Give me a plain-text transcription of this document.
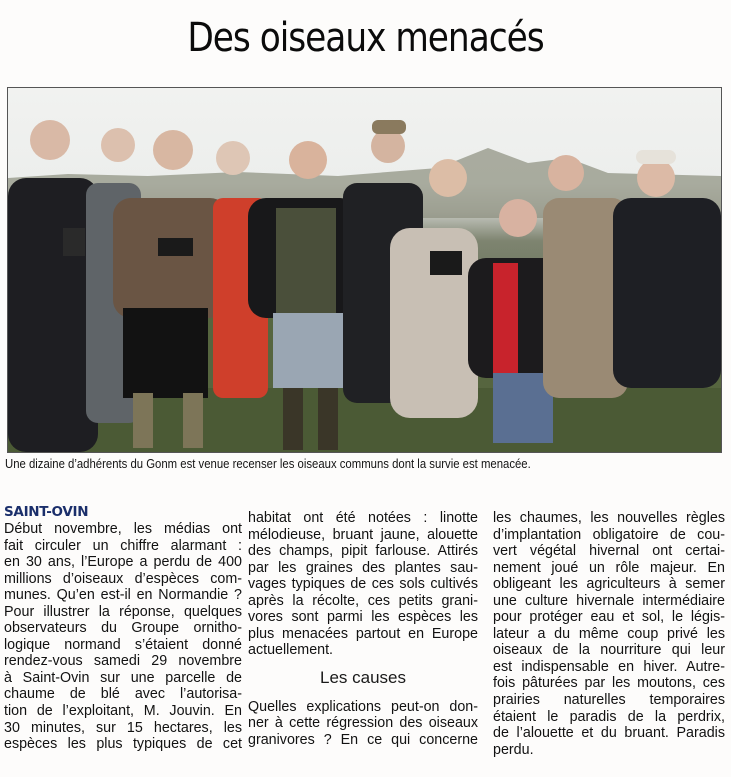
Des oiseaux menacés

Une dizaine d’adhérents du Gonm est venue recenser les oiseaux communs dont la survie est menacée.

SAINT-OVIN

Début novembre, les médias ont
fait circuler un chiffre alarmant :
en 30 ans, l’Europe a perdu de 400
millions d’oiseaux d’espèces com-
munes. Qu’en est-il en Normandie ?
Pour illustrer la réponse, quelques
observateurs du Groupe ornitho-
logique normand s’étaient donné
rendez-vous samedi 29 novembre
à Saint-Ovin sur une parcelle de
chaume de blé avec l’autorisa-
tion de l’exploitant, M. Jouvin. En
30 minutes, sur 15 hectares, les
espèces les plus typiques de cet

habitat ont été notées : linotte
mélodieuse, bruant jaune, alouette
des champs, pipit farlouse. Attirés
par les graines des plantes sau-
vages typiques de ces sols cultivés
après la récolte, ces petits grani-
vores sont parmi les espèces les
plus menacées partout en Europe
actuellement.

Les causes

Quelles explications peut-on don-
ner à cette régression des oiseaux
granivores ? En ce qui concerne

les chaumes, les nouvelles règles
d’implantation obligatoire de cou-
vert végétal hivernal ont certai-
nement joué un rôle majeur. En
obligeant les agriculteurs à semer
une culture hivernale intermédiaire
pour protéger eau et sol, le légis-
lateur a du même coup privé les
oiseaux de la nourriture qui leur
est indispensable en hiver. Autre-
fois pâturées par les moutons, ces
prairies naturelles temporaires
étaient le paradis de la perdrix,
de l’alouette et du bruant. Paradis
perdu.
